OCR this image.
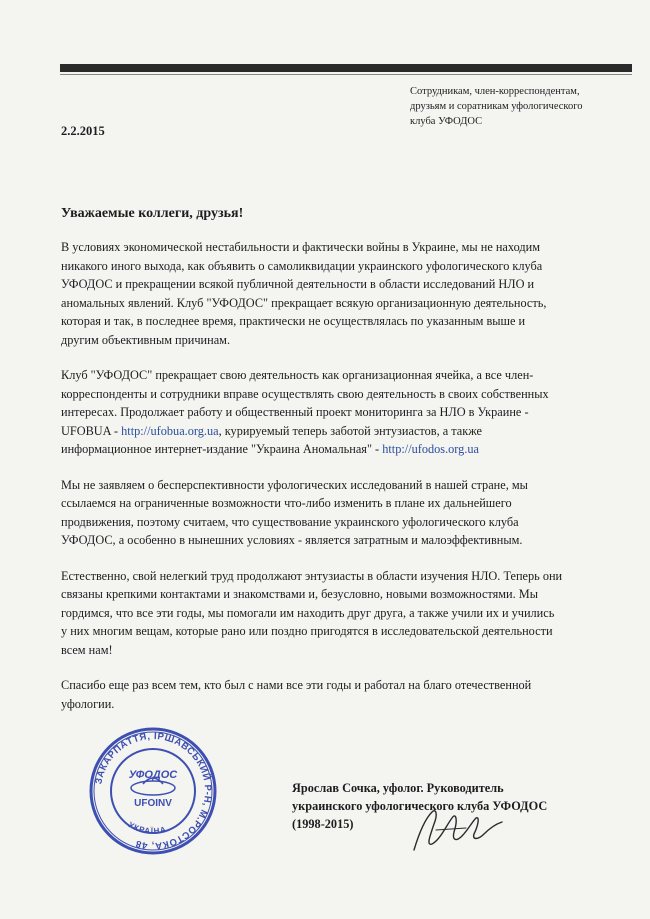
Сотрудникам, член-корреспондентам,
друзьям и соратникам уфологического
клуба УФОДОС
2.2.2015
Уважаемые коллеги, друзья!
В условиях экономической нестабильности и фактически войны в Украине, мы не находим
никакого иного выхода, как объявить о самоликвидации украинского уфологического клуба
УФОДОС и прекращении всякой публичной деятельности в области исследований НЛО и
аномальных явлений. Клуб "УФОДОС" прекращает всякую организационную деятельность,
которая и так, в последнее время, практически не осуществлялась по указанным выше и
другим объективным причинам.
Клуб "УФОДОС" прекращает свою деятельность как организационная ячейка, а все член-
корреспонденты и сотрудники вправе осуществлять свою деятельность в своих собственных
интересах. Продолжает работу и общественный проект мониторинга за НЛО в Украине -
UFOBUA - http://ufobua.org.ua, курируемый теперь заботой энтузиастов, а также
информационное интернет-издание "Украина Аномальная" - http://ufodos.org.ua
Мы не заявляем о бесперспективности уфологических исследований в нашей стране, мы
ссылаемся на ограниченные возможности что-либо изменить в плане их дальнейшего
продвижения, поэтому считаем, что существование украинского уфологического клуба
УФОДОС, а особенно в нынешних условиях - является затратным и малоэффективным.
Естественно, свой нелегкий труд продолжают энтузиасты в области изучения НЛО. Теперь они
связаны крепкими контактами и знакомствами и, безусловно, новыми возможностями. Мы
гордимся, что все эти годы, мы помогали им находить друг друга, а также учили их и учились
у них многим вещам, которые рано или поздно пригодятся в исследовательской деятельности
всем нам!
Спасибо еще раз всем тем, кто был с нами все эти годы и работал на благо отечественной
уфологии.
ЗАКАРПАТТЯ, ІРШАВСЬКИЙ Р-Н, М.РОСТОКА, 48
УКРАЇНА
УФОДОС
UFOINV
Ярослав Сочка, уфолог. Руководитель
украинского уфологического клуба УФОДОС
(1998-2015)
